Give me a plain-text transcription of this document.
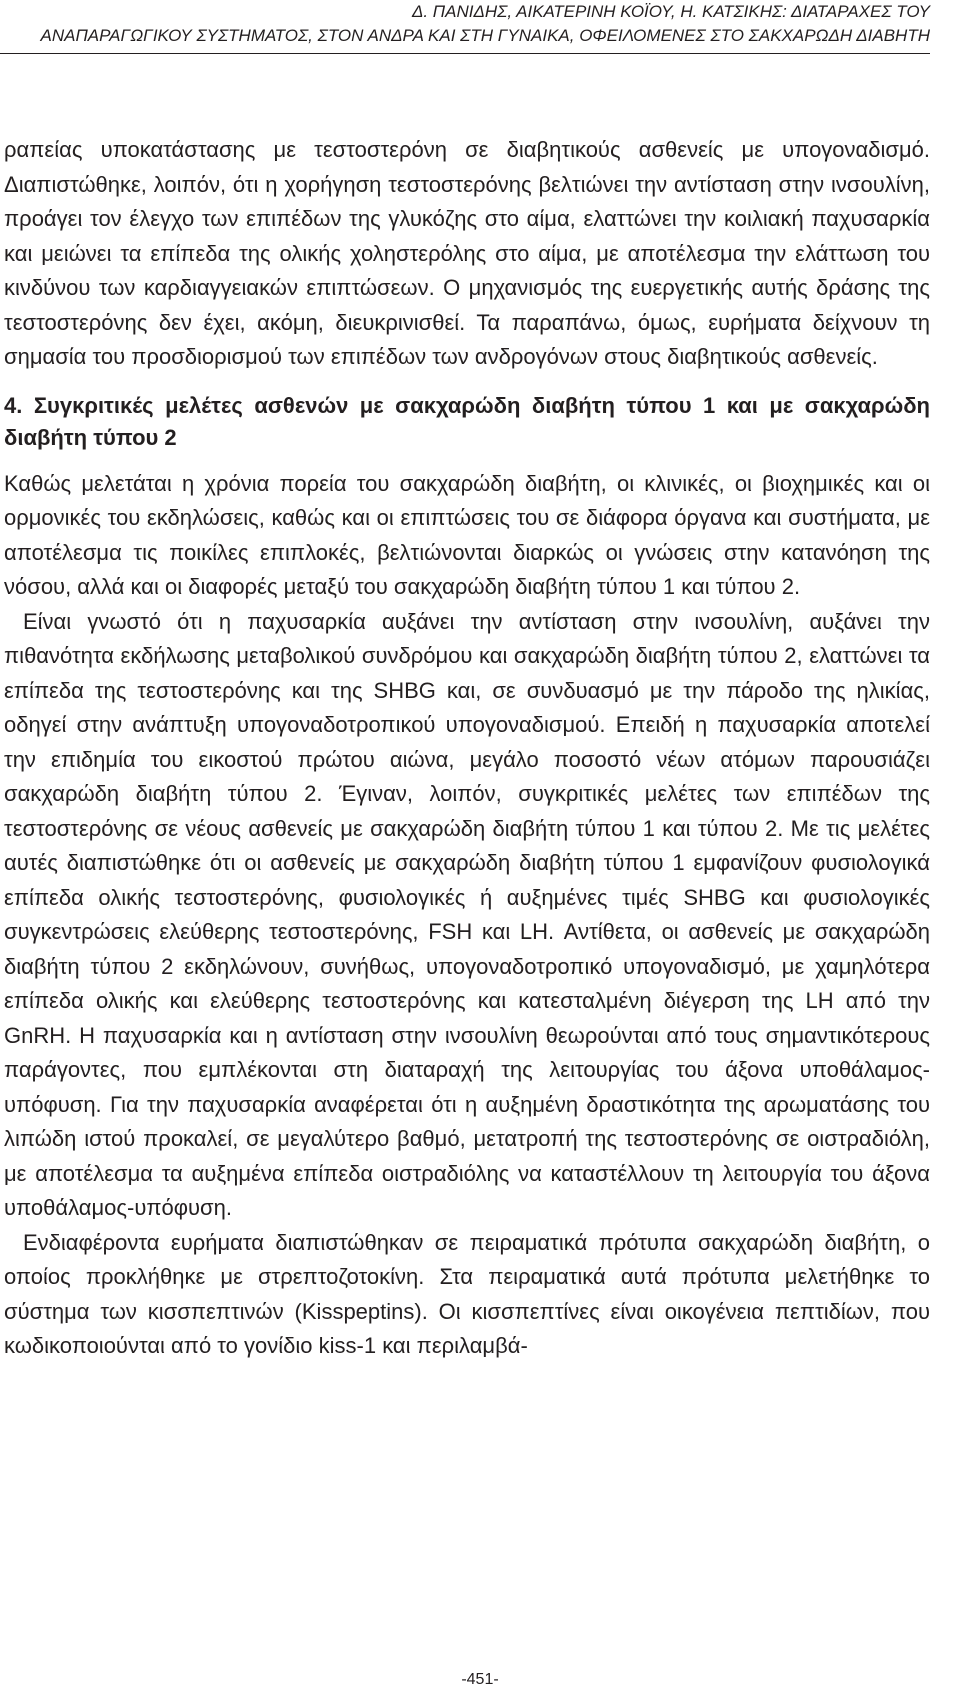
Δ. ΠΑΝΙΔΗΣ, ΑΙΚΑΤΕΡΙΝΗ ΚΟΪΟΥ, Η. ΚΑΤΣΙΚΗΣ: ΔΙΑΤΑΡΑΧΕΣ ΤΟΥ
ΑΝΑΠΑΡΑΓΩΓΙΚΟΥ ΣΥΣΤΗΜΑΤΟΣ, ΣΤΟΝ ΑΝΔΡΑ ΚΑΙ ΣΤΗ ΓΥΝΑΙΚΑ, ΟΦΕΙΛΟΜΕΝΕΣ ΣΤΟ ΣΑΚΧΑΡΩΔΗ ΔΙΑΒΗΤΗ

ραπείας υποκατάστασης με τεστοστερόνη σε διαβητικούς ασθενείς με υπογοναδισμό. Διαπιστώθηκε, λοιπόν, ότι η χορήγηση τεστοστερόνης βελτιώνει την αντίσταση στην ινσουλίνη, προάγει τον έλεγχο των επιπέδων της γλυκόζης στο αίμα, ελαττώνει την κοιλιακή παχυσαρκία και μειώνει τα επίπεδα της ολικής χοληστερόλης στο αίμα, με αποτέλεσμα την ελάττωση του κινδύνου των καρδιαγγειακών επιπτώσεων. Ο μηχανισμός της ευεργετικής αυτής δράσης της τεστοστερόνης δεν έχει, ακόμη, διευκρινισθεί. Τα παραπάνω, όμως, ευρήματα δείχνουν τη σημασία του προσδιορισμού των επιπέδων των ανδρογόνων στους διαβητικούς ασθενείς.

4. Συγκριτικές μελέτες ασθενών με σακχαρώδη διαβήτη τύπου 1 και με σακχαρώδη διαβήτη τύπου 2

Καθώς μελετάται η χρόνια πορεία του σακχαρώδη διαβήτη, οι κλινικές, οι βιοχημικές και οι ορμονικές του εκδηλώσεις, καθώς και οι επιπτώσεις του σε διάφορα όργανα και συστήματα, με αποτέλεσμα τις ποικίλες επιπλοκές, βελτιώνονται διαρκώς οι γνώσεις στην κατανόηση της νόσου, αλλά και οι διαφορές μεταξύ του σακχαρώδη διαβήτη τύπου 1 και τύπου 2.

Είναι γνωστό ότι η παχυσαρκία αυξάνει την αντίσταση στην ινσουλίνη, αυξάνει την πιθανότητα εκδήλωσης μεταβολικού συνδρόμου και σακχαρώδη διαβήτη τύπου 2, ελαττώνει τα επίπεδα της τεστοστερόνης και της SHBG και, σε συνδυασμό με την πάροδο της ηλικίας, οδηγεί στην ανάπτυξη υπογοναδοτροπικού υπογοναδισμού. Επειδή η παχυσαρκία αποτελεί την επιδημία του εικοστού πρώτου αιώνα, μεγάλο ποσοστό νέων ατόμων παρουσιάζει σακχαρώδη διαβήτη τύπου 2. Έγιναν, λοιπόν, συγκριτικές μελέτες των επιπέδων της τεστοστερόνης σε νέους ασθενείς με σακχαρώδη διαβήτη τύπου 1 και τύπου 2. Με τις μελέτες αυτές διαπιστώθηκε ότι οι ασθενείς με σακχαρώδη διαβήτη τύπου 1 εμφανίζουν φυσιολογικά επίπεδα ολικής τεστοστερόνης, φυσιολογικές ή αυξημένες τιμές SHBG και φυσιολογικές συγκεντρώσεις ελεύθερης τεστοστερόνης, FSH και LH. Αντίθετα, οι ασθενείς με σακχαρώδη διαβήτη τύπου 2 εκδηλώνουν, συνήθως, υπογοναδοτροπικό υπογοναδισμό, με χαμηλότερα επίπεδα ολικής και ελεύθερης τεστοστερόνης και κατεσταλμένη διέγερση της LH από την GnRH. Η παχυσαρκία και η αντίσταση στην ινσουλίνη θεωρούνται από τους σημαντικότερους παράγοντες, που εμπλέκονται στη διαταραχή της λειτουργίας του άξονα υποθάλαμος-υπόφυση. Για την παχυσαρκία αναφέρεται ότι η αυξημένη δραστικότητα της αρωματάσης του λιπώδη ιστού προκαλεί, σε μεγαλύτερο βαθμό, μετατροπή της τεστοστερόνης σε οιστραδιόλη, με αποτέλεσμα τα αυξημένα επίπεδα οιστραδιόλης να καταστέλλουν τη λειτουργία του άξονα υποθάλαμος-υπόφυση.

Ενδιαφέροντα ευρήματα διαπιστώθηκαν σε πειραματικά πρότυπα σακχαρώδη διαβήτη, ο οποίος προκλήθηκε με στρεπτοζοτοκίνη. Στα πειραματικά αυτά πρότυπα μελετήθηκε το σύστημα των κισσπεπτινών (Kisspeptins). Οι κισσπεπτίνες είναι οικογένεια πεπτιδίων, που κωδικοποιούνται από το γονίδιο kiss-1 και περιλαμβά-

-451-
